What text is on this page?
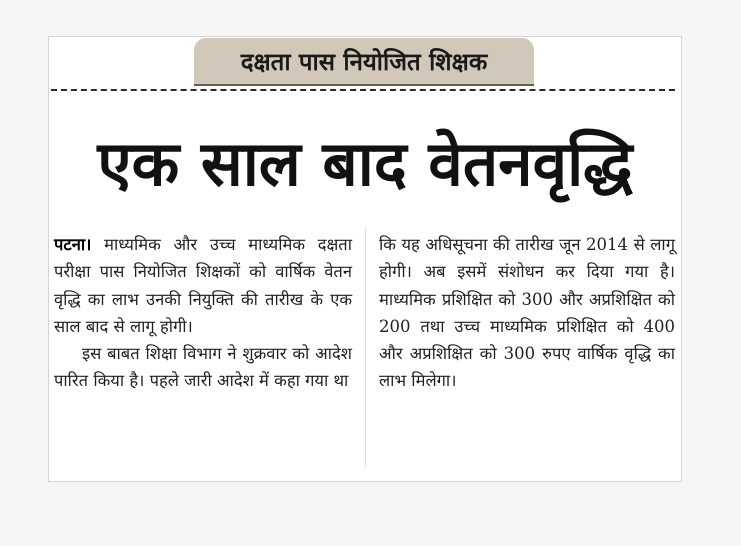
दक्षता पास नियोजित शिक्षक
एक साल बाद वेतनवृद्धि
पटना। माध्यमिक और उच्च माध्यमिक दक्षता परीक्षा पास नियोजित शिक्षकों को वार्षिक वेतन वृद्धि का लाभ उनकी नियुक्ति की तारीख के एक साल बाद से लागू होगी।
इस बाबत शिक्षा विभाग ने शुक्रवार को आदेश पारित किया है। पहले जारी आदेश में कहा गया था
कि यह अधिसूचना की तारीख जून 2014 से लागू होगी। अब इसमें संशोधन कर दिया गया है। माध्यमिक प्रशिक्षित को 300 और अप्रशिक्षित को 200 तथा उच्च माध्यमिक प्रशिक्षित को 400 और अप्रशिक्षित को 300 रुपए वार्षिक वृद्धि का लाभ मिलेगा।
